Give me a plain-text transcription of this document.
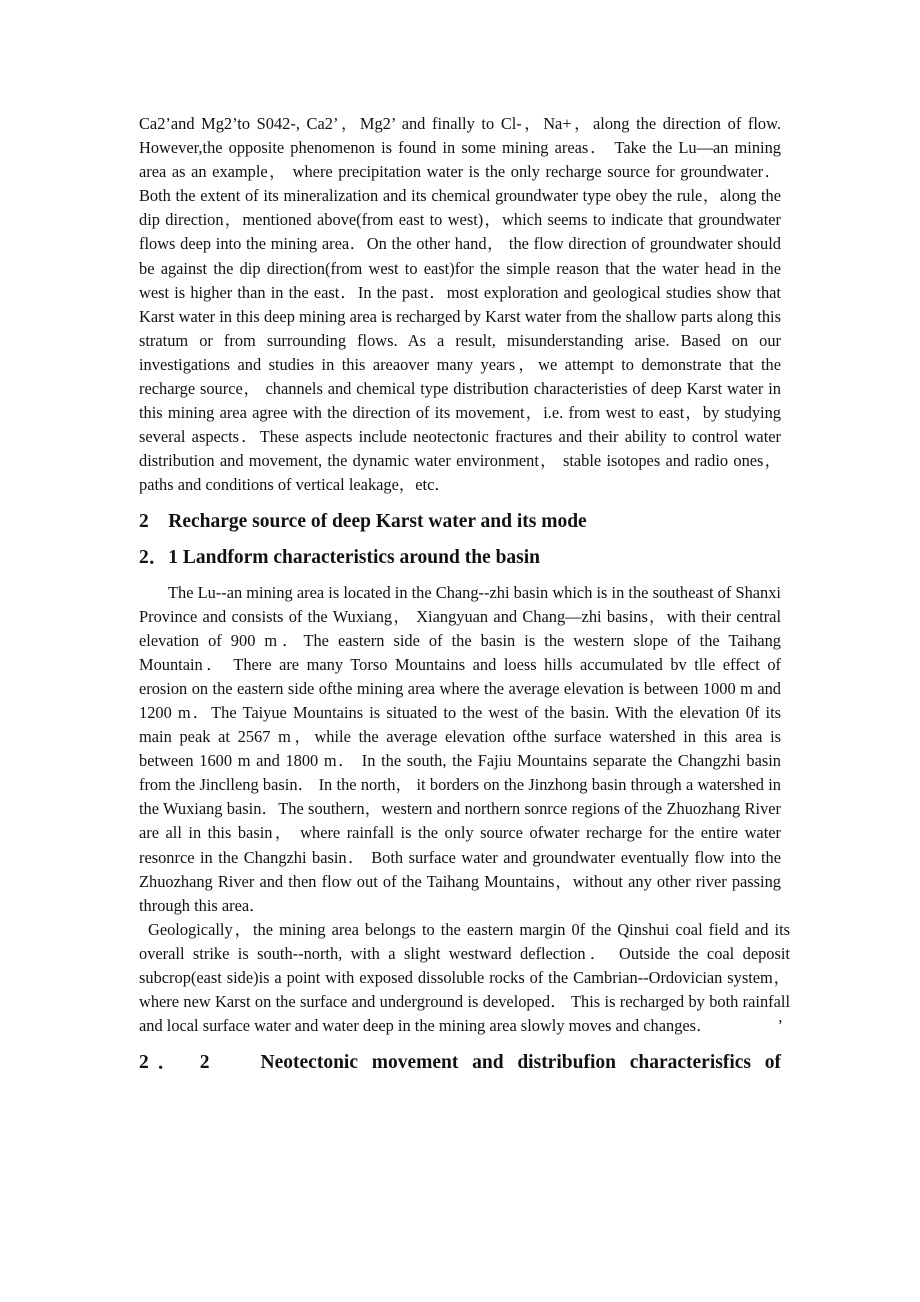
Ca2’and Mg2’to S042-, Ca2’，Mg2’ and finally to Cl-，Na+，along the direction of flow. However,the opposite phenomenon is found in some mining areas． Take the Lu—an mining area as an example， where precipitation water is the only recharge source for groundwater． Both the extent of its mineralization and its chemical groundwater type obey the rule，along the dip direction，mentioned above(from east to west)，which seems to indicate that groundwater flows deep into the mining area．On the other hand， the flow direction of groundwater should be against the dip direction(from west to east)for the simple reason that the water head in the west is higher than in the east．In the past．most exploration and geological studies show that Karst water in this deep mining area is recharged by Karst water from the shallow parts along this stratum or from surrounding flows. As a result, misunderstanding arise. Based on our investigations and studies in this areaover many years，we attempt to demonstrate that the recharge source， channels and chemical type distribution characteristies of deep Karst water in this mining area agree with the direction of its movement，i.e. from west to east，by studying several aspects．These aspects include neotectonic fractures and their ability to control water distribution and movement, the dynamic water environment， stable isotopes and radio ones， paths and conditions of vertical leakage，etc．

2　Recharge source of deep Karst water and its mode
2．1 Landform characteristics around the basin

The Lu--an mining area is located in the Chang--zhi basin which is in the southeast of Shanxi Province and consists of the Wuxiang， Xiangyuan and Chang—zhi basins，with their central elevation of 900 m．The eastern side of the basin is the western slope of the Taihang Mountain． There are many Torso Mountains and loess hills accumulated bv tlle effect of erosion on the eastern side ofthe mining area where the average elevation is between 1000 m and 1200 m．The Taiyue Mountains is situated to the west of the basin. With the elevation 0f its main peak at 2567 m，while the average elevation ofthe surface watershed in this area is between 1600 m and 1800 m． In the south, the Fajiu Mountains separate the Changzhi basin from the Jinclleng basin． In the north， it borders on the Jinzhong basin through a watershed in the Wuxiang basin．The southern，western and northern sonrce regions of the Zhuozhang River are all in this basin， where rainfall is the only source ofwater recharge for the entire water resonrce in the Changzhi basin． Both surface water and groundwater eventually flow into the Zhuozhang River and then flow out of the Taihang Mountains，without any other river passing through this area．

Geologically，the mining area belongs to the eastern margin 0f the Qinshui coal field and its overall strike is south--north, with a slight westward deflection． Outside the coal deposit subcrop(east side)is a point with exposed dissoluble rocks of the Cambrian--Ordovician system， where new Karst on the surface and underground is developed． This is recharged by both rainfall and local surface water and water deep in the mining area slowly moves and changes．	’

2． 2　 Neotectonic movement and distribufion characterisfics of
